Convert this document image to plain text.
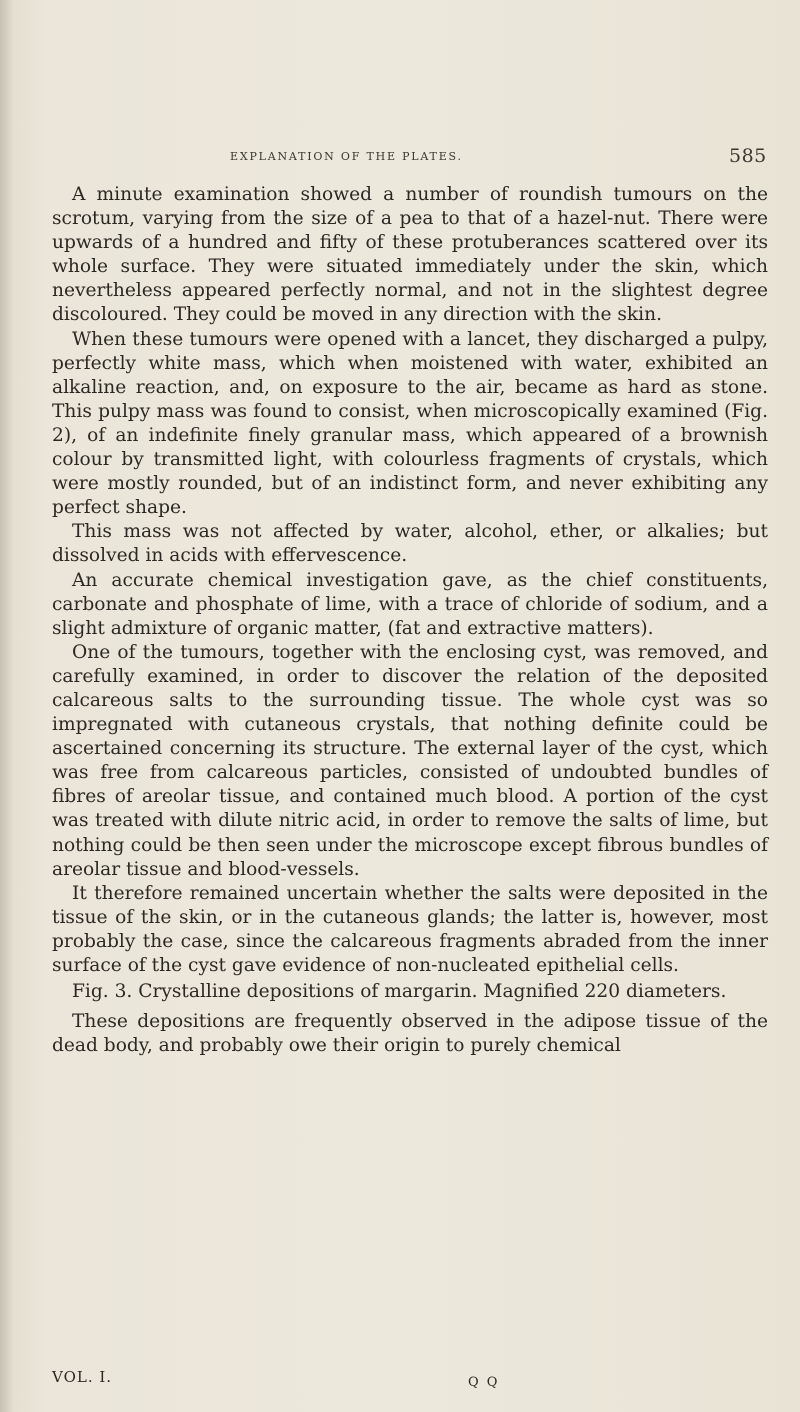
EXPLANATION OF THE PLATES.	585

A minute examination showed a number of roundish tumours on the scrotum, varying from the size of a pea to that of a hazel-nut. There were upwards of a hundred and fifty of these protuberances scattered over its whole surface. They were situated immediately under the skin, which nevertheless appeared perfectly normal, and not in the slightest degree discoloured. They could be moved in any direction with the skin.

When these tumours were opened with a lancet, they discharged a pulpy, perfectly white mass, which when moistened with water, exhibited an alkaline reaction, and, on exposure to the air, became as hard as stone. This pulpy mass was found to consist, when microscopically examined (Fig. 2), of an indefinite finely granular mass, which appeared of a brownish colour by transmitted light, with colourless fragments of crystals, which were mostly rounded, but of an indistinct form, and never exhibiting any perfect shape.

This mass was not affected by water, alcohol, ether, or alkalies; but dissolved in acids with effervescence.

An accurate chemical investigation gave, as the chief constituents, carbonate and phosphate of lime, with a trace of chloride of sodium, and a slight admixture of organic matter, (fat and extractive matters).

One of the tumours, together with the enclosing cyst, was removed, and carefully examined, in order to discover the relation of the deposited calcareous salts to the surrounding tissue. The whole cyst was so impregnated with cutaneous crystals, that nothing definite could be ascertained concerning its structure. The external layer of the cyst, which was free from calcareous particles, consisted of undoubted bundles of fibres of areolar tissue, and contained much blood. A portion of the cyst was treated with dilute nitric acid, in order to remove the salts of lime, but nothing could be then seen under the microscope except fibrous bundles of areolar tissue and blood-vessels.

It therefore remained uncertain whether the salts were deposited in the tissue of the skin, or in the cutaneous glands; the latter is, however, most probably the case, since the calcareous fragments abraded from the inner surface of the cyst gave evidence of non-nucleated epithelial cells.

Fig. 3. Crystalline depositions of margarin. Magnified 220 diameters.

These depositions are frequently observed in the adipose tissue of the dead body, and probably owe their origin to purely chemical

VOL. I.	Q Q
